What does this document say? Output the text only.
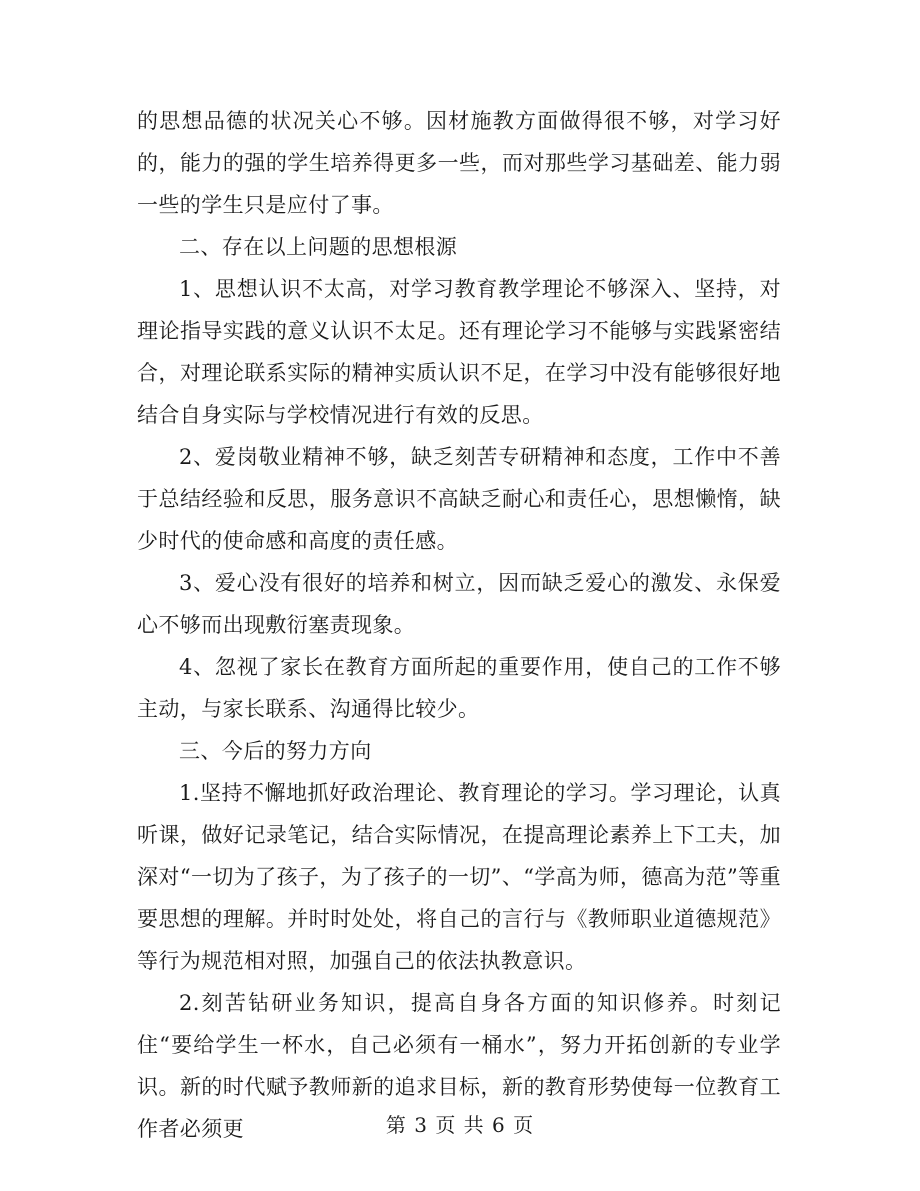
的思想品德的状况关心不够。因材施教方面做得很不够，对学习好的，能力的强的学生培养得更多一些，而对那些学习基础差、能力弱一些的学生只是应付了事。

二、存在以上问题的思想根源

1、思想认识不太高，对学习教育教学理论不够深入、坚持，对理论指导实践的意义认识不太足。还有理论学习不能够与实践紧密结合，对理论联系实际的精神实质认识不足，在学习中没有能够很好地结合自身实际与学校情况进行有效的反思。

2、爱岗敬业精神不够，缺乏刻苦专研精神和态度，工作中不善于总结经验和反思，服务意识不高缺乏耐心和责任心，思想懒惰，缺少时代的使命感和高度的责任感。

3、爱心没有很好的培养和树立，因而缺乏爱心的激发、永保爱心不够而出现敷衍塞责现象。

4、忽视了家长在教育方面所起的重要作用，使自己的工作不够主动，与家长联系、沟通得比较少。

三、今后的努力方向

1.坚持不懈地抓好政治理论、教育理论的学习。学习理论，认真听课，做好记录笔记，结合实际情况，在提高理论素养上下工夫，加深对“一切为了孩子，为了孩子的一切”、“学高为师，德高为范”等重要思想的理解。并时时处处，将自己的言行与《教师职业道德规范》等行为规范相对照，加强自己的依法执教意识。

2.刻苦钻研业务知识，提高自身各方面的知识修养。时刻记住“要给学生一杯水，自己必须有一桶水”，努力开拓创新的专业学识。新的时代赋予教师新的追求目标，新的教育形势使每一位教育工作者必须更	第 3 页 共 6 页
